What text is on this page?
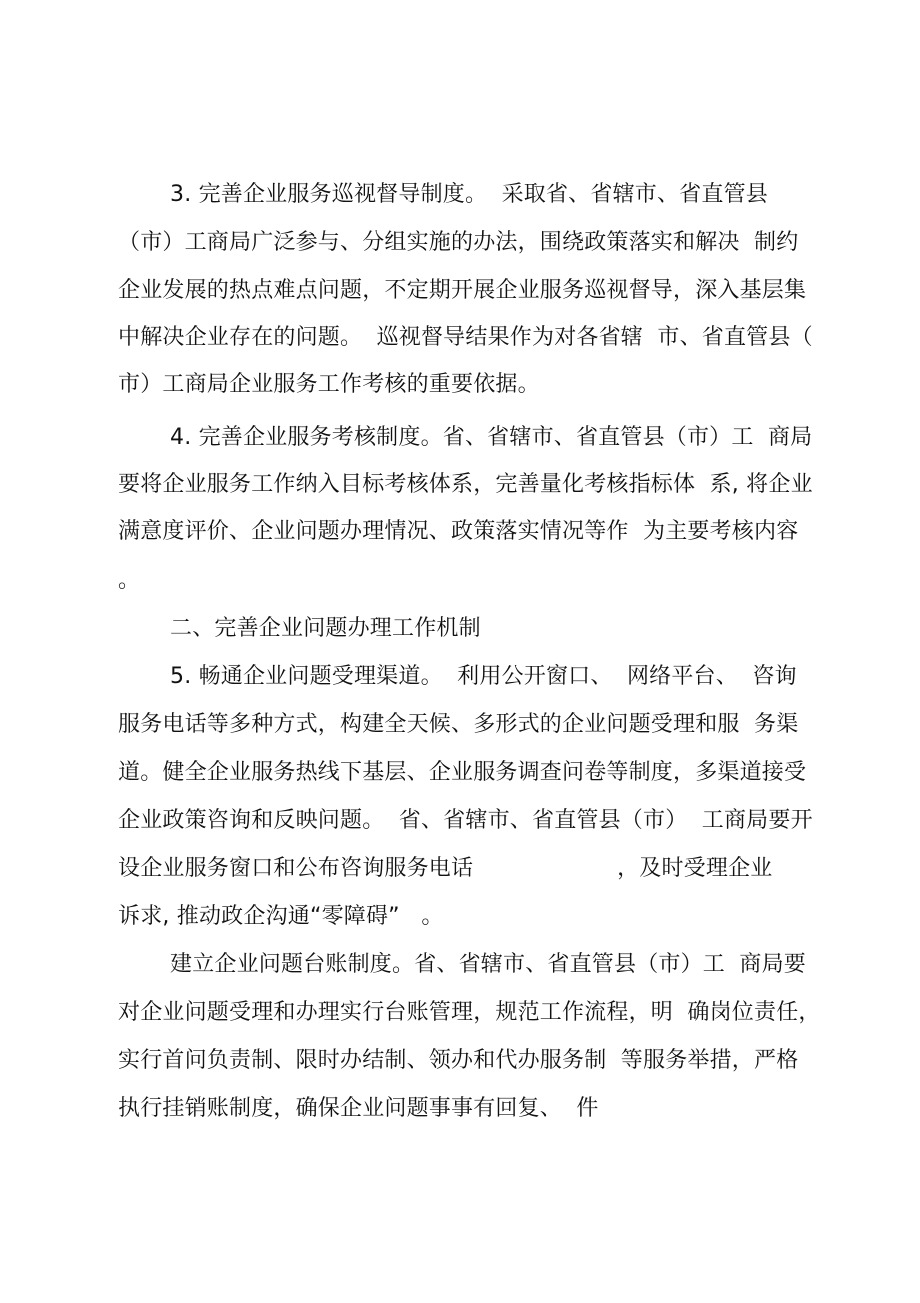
3. 完善企业服务巡视督导制度。  采取省、省辖市、省直管县
（市）工商局广泛参与、分组实施的办法，围绕政策落实和解决  制约
企业发展的热点难点问题，不定期开展企业服务巡视督导，深入基层集
中解决企业存在的问题。  巡视督导结果作为对各省辖  市、省直管县（
市）工商局企业服务工作考核的重要依据。
4. 完善企业服务考核制度。省、省辖市、省直管县（市）工  商局
要将企业服务工作纳入目标考核体系，完善量化考核指标体  系, 将企业
满意度评价、企业问题办理情况、政策落实情况等作  为主要考核内容
。
二、完善企业问题办理工作机制
5. 畅通企业问题受理渠道。  利用公开窗口、  网络平台、  咨询
服务电话等多种方式，构建全天候、多形式的企业问题受理和服  务渠
道。健全企业服务热线下基层、企业服务调查问卷等制度，多渠道接受
企业政策咨询和反映问题。  省、省辖市、省直管县（市）  工商局要开
设企业服务窗口和公布咨询服务电话                    ，及时受理企业
诉求, 推动政企沟通“零障碍”   。
建立企业问题台账制度。省、省辖市、省直管县（市）工  商局要
对企业问题受理和办理实行台账管理，规范工作流程，明  确岗位责任，
实行首问负责制、限时办结制、领办和代办服务制  等服务举措，严格
执行挂销账制度，确保企业问题事事有回复、  件
